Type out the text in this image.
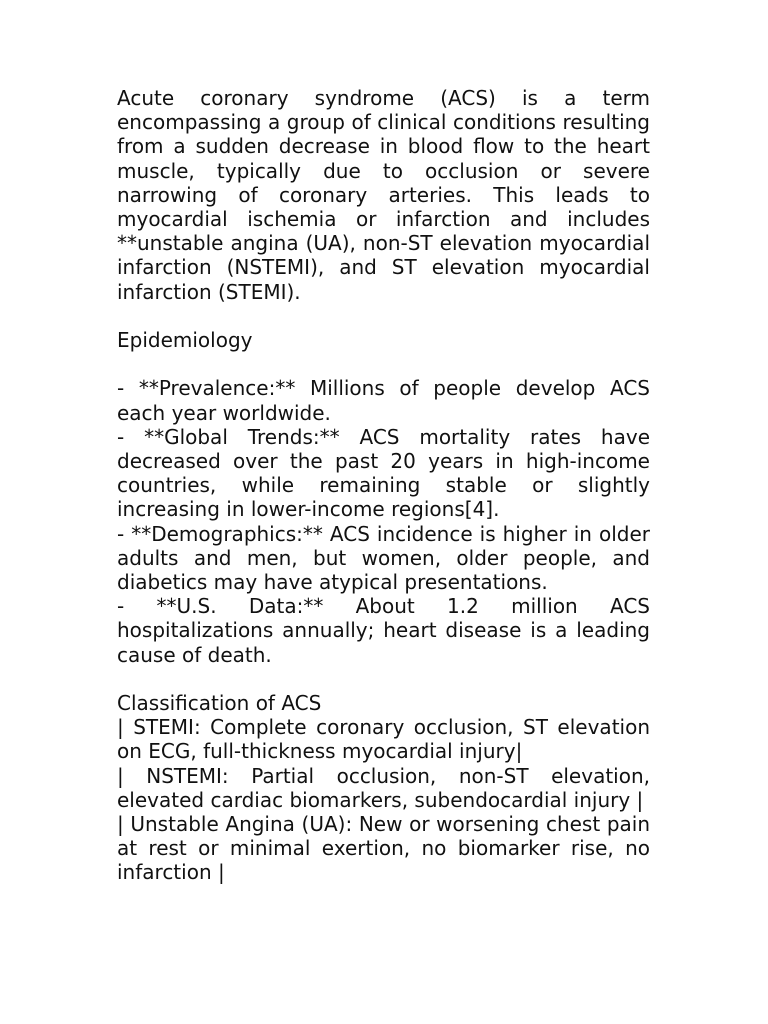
Acute coronary syndrome (ACS) is a term encompassing a group of clinical conditions resulting from a sudden decrease in blood flow to the heart muscle, typically due to occlusion or severe narrowing of coronary arteries. This leads to myocardial ischemia or infarction and includes **unstable angina (UA), non-ST elevation myocardial infarction (NSTEMI), and ST elevation myocardial infarction (STEMI).

Epidemiology

- **Prevalence:** Millions of people develop ACS each year worldwide.

- **Global Trends:** ACS mortality rates have decreased over the past 20 years in high-income countries, while remaining stable or slightly increasing in lower-income regions[4].

- **Demographics:** ACS incidence is higher in older adults and men, but women, older people, and diabetics may have atypical presentations.

- **U.S. Data:** About 1.2 million ACS hospitalizations annually; heart disease is a leading cause of death.

Classification of ACS

| STEMI: Complete coronary occlusion, ST elevation on ECG, full-thickness myocardial injury|

| NSTEMI: Partial occlusion, non-ST elevation, elevated cardiac biomarkers, subendocardial injury |

| Unstable Angina (UA): New or worsening chest pain at rest or minimal exertion, no biomarker rise, no infarction |
